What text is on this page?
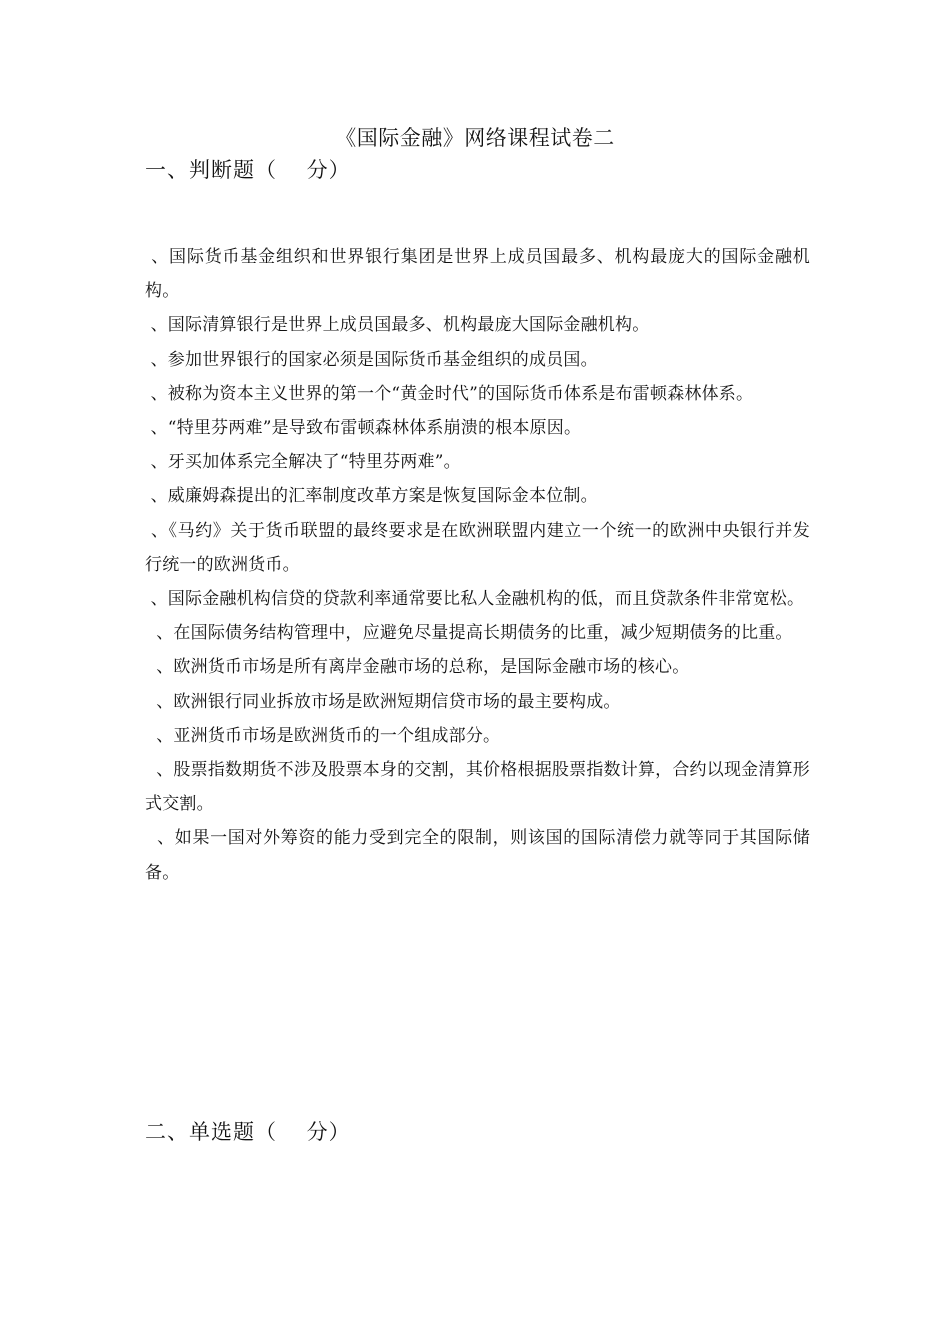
《国际金融》网络课程试卷二
一、判断题（　 分）

、国际货币基金组织和世界银行集团是世界上成员国最多、机构最庞大的国际金融机构。

、国际清算银行是世界上成员国最多、机构最庞大国际金融机构。

、参加世界银行的国家必须是国际货币基金组织的成员国。

、被称为资本主义世界的第一个“黄金时代”的国际货币体系是布雷顿森林体系。

、“特里芬两难”是导致布雷顿森林体系崩溃的根本原因。

、牙买加体系完全解决了“特里芬两难”。

、威廉姆森提出的汇率制度改革方案是恢复国际金本位制。

、《马约》关于货币联盟的最终要求是在欧洲联盟内建立一个统一的欧洲中央银行并发行统一的欧洲货币。

、国际金融机构信贷的贷款利率通常要比私人金融机构的低，而且贷款条件非常宽松。

、在国际债务结构管理中，应避免尽量提高长期债务的比重，减少短期债务的比重。

、欧洲货币市场是所有离岸金融市场的总称，是国际金融市场的核心。

、欧洲银行同业拆放市场是欧洲短期信贷市场的最主要构成。

、亚洲货币市场是欧洲货币的一个组成部分。

、股票指数期货不涉及股票本身的交割，其价格根据股票指数计算，合约以现金清算形式交割。

、如果一国对外筹资的能力受到完全的限制，则该国的国际清偿力就等同于其国际储备。

二、单选题（　 分）
